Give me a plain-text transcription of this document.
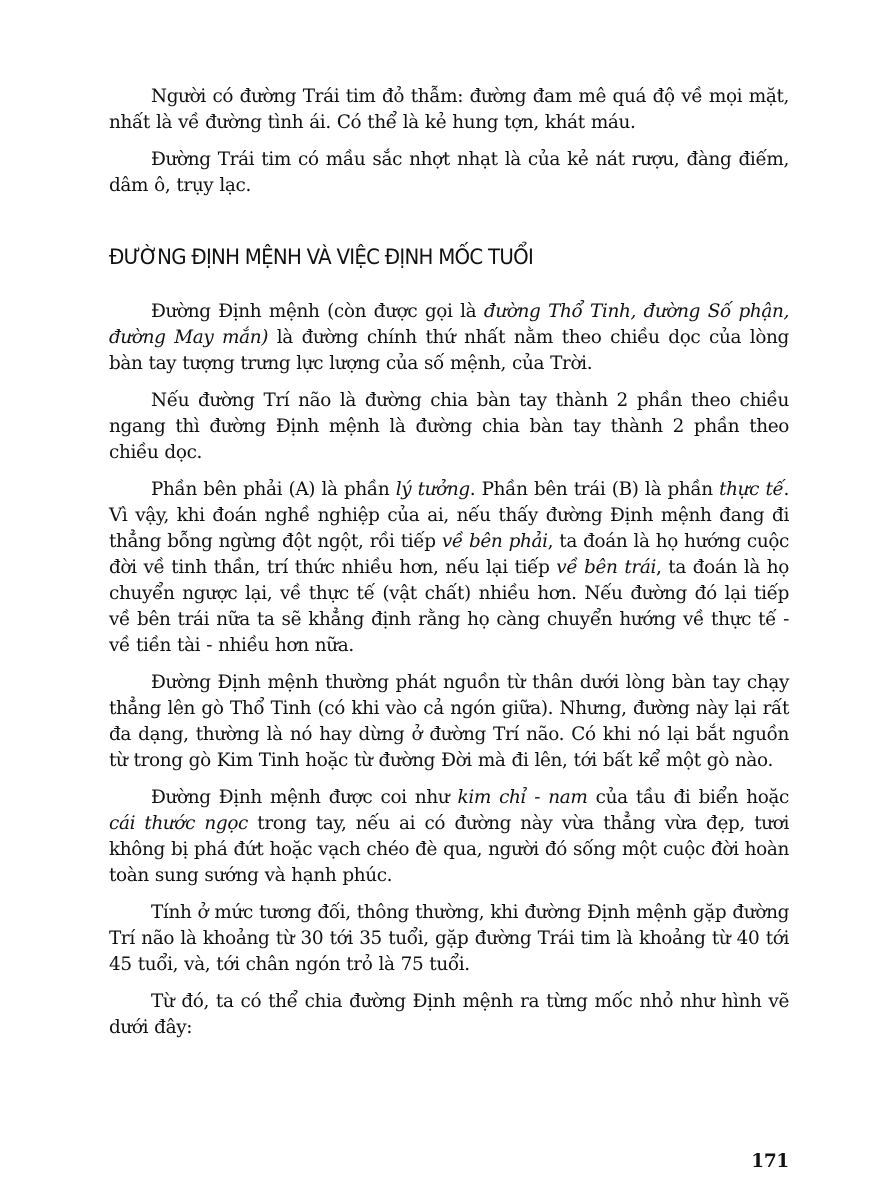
Người có đường Trái tim đỏ thẫm: đường đam mê quá độ về mọi mặt, nhất là về đường tình ái. Có thể là kẻ hung tợn, khát máu.

Đường Trái tim có mầu sắc nhợt nhạt là của kẻ nát rượu, đàng điếm, dâm ô, trụy lạc.

ĐƯỜNG ĐỊNH MỆNH VÀ VIỆC ĐỊNH MỐC TUỔI

Đường Định mệnh (còn được gọi là đường Thổ Tinh, đường Số phận, đường May mắn) là đường chính thứ nhất nằm theo chiều dọc của lòng bàn tay tượng trưng lực lượng của số mệnh, của Trời.

Nếu đường Trí não là đường chia bàn tay thành 2 phần theo chiều ngang thì đường Định mệnh là đường chia bàn tay thành 2 phần theo chiều dọc.

Phần bên phải (A) là phần lý tưởng. Phần bên trái (B) là phần thực tế. Vì vậy, khi đoán nghề nghiệp của ai, nếu thấy đường Định mệnh đang đi thẳng bỗng ngừng đột ngột, rồi tiếp về bên phải, ta đoán là họ hướng cuộc đời về tinh thần, trí thức nhiều hơn, nếu lại tiếp về bên trái, ta đoán là họ chuyển ngược lại, về thực tế (vật chất) nhiều hơn. Nếu đường đó lại tiếp về bên trái nữa ta sẽ khẳng định rằng họ càng chuyển hướng về thực tế - về tiền tài - nhiều hơn nữa.

Đường Định mệnh thường phát nguồn từ thân dưới lòng bàn tay chạy thẳng lên gò Thổ Tinh (có khi vào cả ngón giữa). Nhưng, đường này lại rất đa dạng, thường là nó hay dừng ở đường Trí não. Có khi nó lại bắt nguồn từ trong gò Kim Tinh hoặc từ đường Đời mà đi lên, tới bất kể một gò nào.

Đường Định mệnh được coi như kim chỉ - nam của tầu đi biển hoặc cái thước ngọc trong tay, nếu ai có đường này vừa thẳng vừa đẹp, tươi không bị phá đứt hoặc vạch chéo đè qua, người đó sống một cuộc đời hoàn toàn sung sướng và hạnh phúc.

Tính ở mức tương đối, thông thường, khi đường Định mệnh gặp đường Trí não là khoảng từ 30 tới 35 tuổi, gặp đường Trái tim là khoảng từ 40 tới 45 tuổi, và, tới chân ngón trỏ là 75 tuổi.

Từ đó, ta có thể chia đường Định mệnh ra từng mốc nhỏ như hình vẽ dưới đây:

171
